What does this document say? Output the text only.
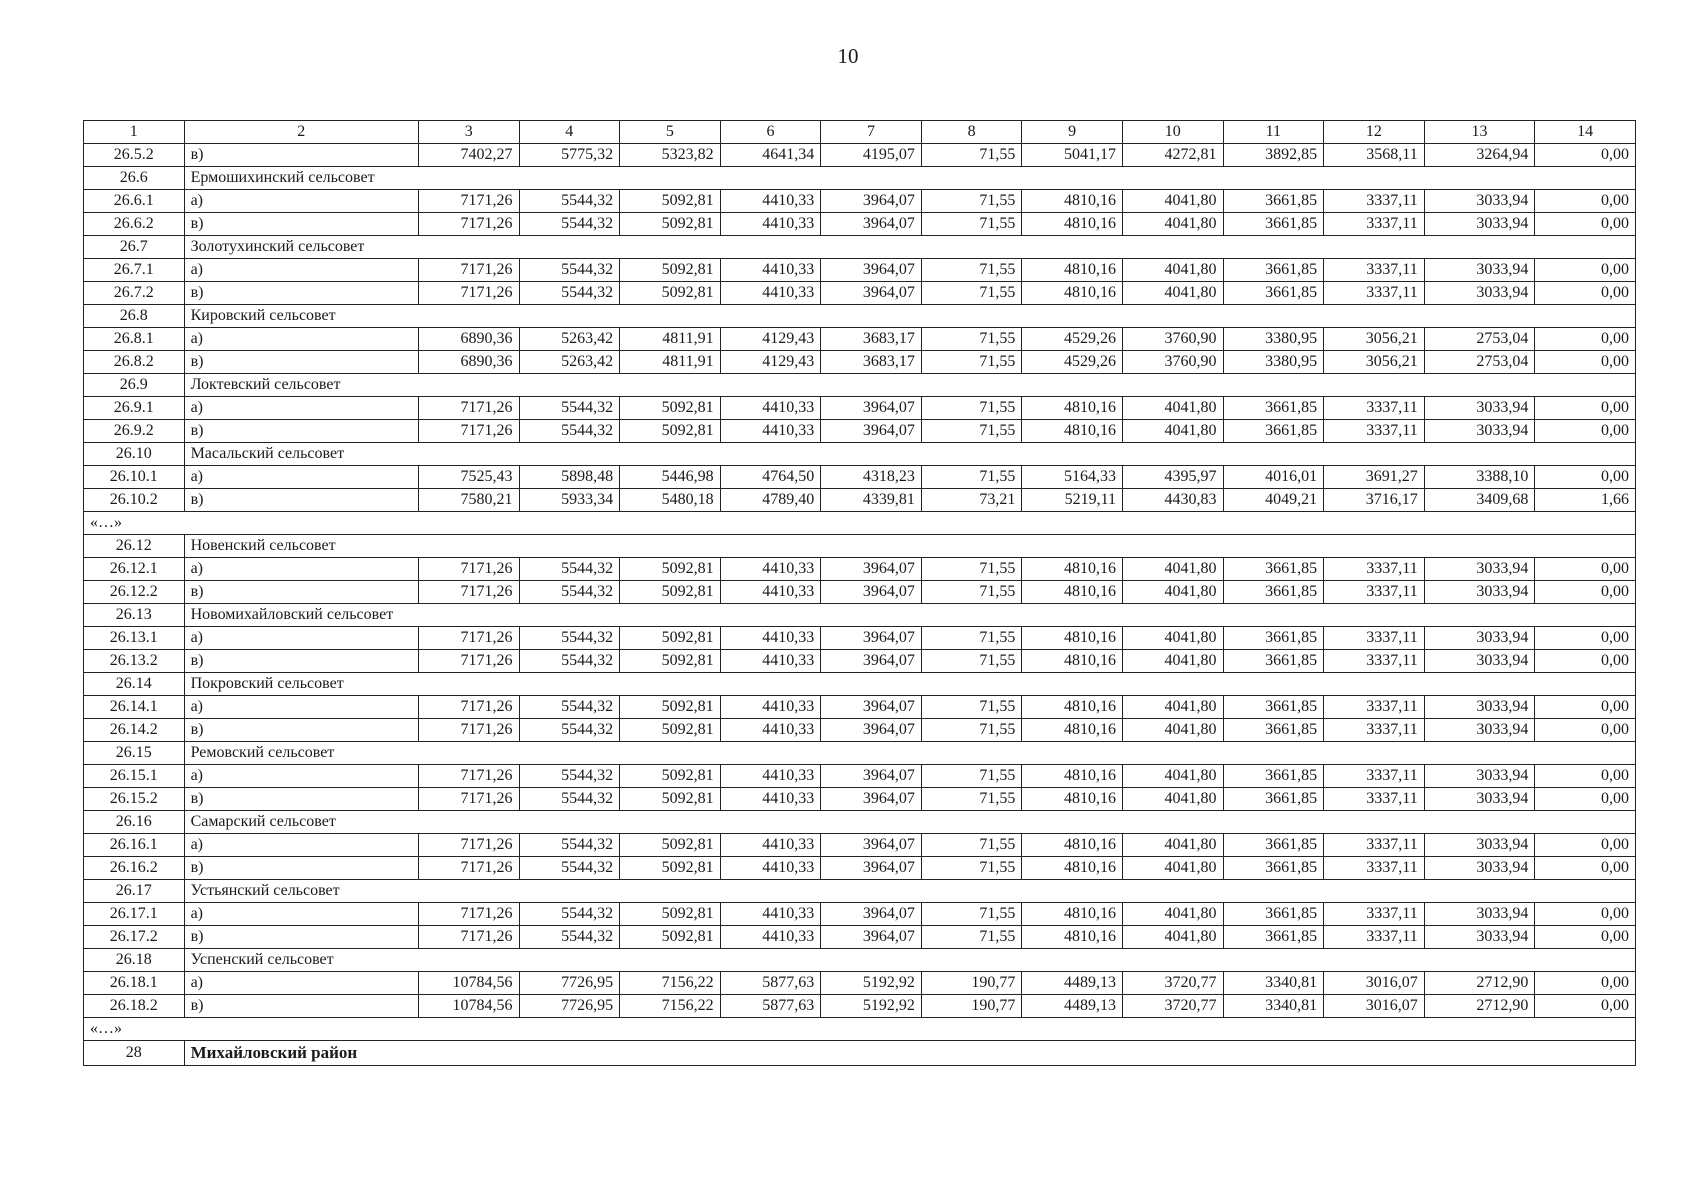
10
1	2	3	4	5	6	7	8	9	10	11	12	13	14
26.5.2	в)	7402,27	5775,32	5323,82	4641,34	4195,07	71,55	5041,17	4272,81	3892,85	3568,11	3264,94	0,00
26.6	Ермошихинский сельсовет												
26.6.1	а)	7171,26	5544,32	5092,81	4410,33	3964,07	71,55	4810,16	4041,80	3661,85	3337,11	3033,94	0,00
26.6.2	в)	7171,26	5544,32	5092,81	4410,33	3964,07	71,55	4810,16	4041,80	3661,85	3337,11	3033,94	0,00
26.7	Золотухинский сельсовет												
26.7.1	а)	7171,26	5544,32	5092,81	4410,33	3964,07	71,55	4810,16	4041,80	3661,85	3337,11	3033,94	0,00
26.7.2	в)	7171,26	5544,32	5092,81	4410,33	3964,07	71,55	4810,16	4041,80	3661,85	3337,11	3033,94	0,00
26.8	Кировский сельсовет												
26.8.1	а)	6890,36	5263,42	4811,91	4129,43	3683,17	71,55	4529,26	3760,90	3380,95	3056,21	2753,04	0,00
26.8.2	в)	6890,36	5263,42	4811,91	4129,43	3683,17	71,55	4529,26	3760,90	3380,95	3056,21	2753,04	0,00
26.9	Локтевский сельсовет												
26.9.1	а)	7171,26	5544,32	5092,81	4410,33	3964,07	71,55	4810,16	4041,80	3661,85	3337,11	3033,94	0,00
26.9.2	в)	7171,26	5544,32	5092,81	4410,33	3964,07	71,55	4810,16	4041,80	3661,85	3337,11	3033,94	0,00
26.10	Масальский сельсовет												
26.10.1	а)	7525,43	5898,48	5446,98	4764,50	4318,23	71,55	5164,33	4395,97	4016,01	3691,27	3388,10	0,00
26.10.2	в)	7580,21	5933,34	5480,18	4789,40	4339,81	73,21	5219,11	4430,83	4049,21	3716,17	3409,68	1,66
«…»													
26.12	Новенский сельсовет												
26.12.1	а)	7171,26	5544,32	5092,81	4410,33	3964,07	71,55	4810,16	4041,80	3661,85	3337,11	3033,94	0,00
26.12.2	в)	7171,26	5544,32	5092,81	4410,33	3964,07	71,55	4810,16	4041,80	3661,85	3337,11	3033,94	0,00
26.13	Новомихайловский сельсовет												
26.13.1	а)	7171,26	5544,32	5092,81	4410,33	3964,07	71,55	4810,16	4041,80	3661,85	3337,11	3033,94	0,00
26.13.2	в)	7171,26	5544,32	5092,81	4410,33	3964,07	71,55	4810,16	4041,80	3661,85	3337,11	3033,94	0,00
26.14	Покровский сельсовет												
26.14.1	а)	7171,26	5544,32	5092,81	4410,33	3964,07	71,55	4810,16	4041,80	3661,85	3337,11	3033,94	0,00
26.14.2	в)	7171,26	5544,32	5092,81	4410,33	3964,07	71,55	4810,16	4041,80	3661,85	3337,11	3033,94	0,00
26.15	Ремовский сельсовет												
26.15.1	а)	7171,26	5544,32	5092,81	4410,33	3964,07	71,55	4810,16	4041,80	3661,85	3337,11	3033,94	0,00
26.15.2	в)	7171,26	5544,32	5092,81	4410,33	3964,07	71,55	4810,16	4041,80	3661,85	3337,11	3033,94	0,00
26.16	Самарский сельсовет												
26.16.1	а)	7171,26	5544,32	5092,81	4410,33	3964,07	71,55	4810,16	4041,80	3661,85	3337,11	3033,94	0,00
26.16.2	в)	7171,26	5544,32	5092,81	4410,33	3964,07	71,55	4810,16	4041,80	3661,85	3337,11	3033,94	0,00
26.17	Устьянский сельсовет												
26.17.1	а)	7171,26	5544,32	5092,81	4410,33	3964,07	71,55	4810,16	4041,80	3661,85	3337,11	3033,94	0,00
26.17.2	в)	7171,26	5544,32	5092,81	4410,33	3964,07	71,55	4810,16	4041,80	3661,85	3337,11	3033,94	0,00
26.18	Успенский сельсовет												
26.18.1	а)	10784,56	7726,95	7156,22	5877,63	5192,92	190,77	4489,13	3720,77	3340,81	3016,07	2712,90	0,00
26.18.2	в)	10784,56	7726,95	7156,22	5877,63	5192,92	190,77	4489,13	3720,77	3340,81	3016,07	2712,90	0,00
«…»													
28	Михайловский район												
